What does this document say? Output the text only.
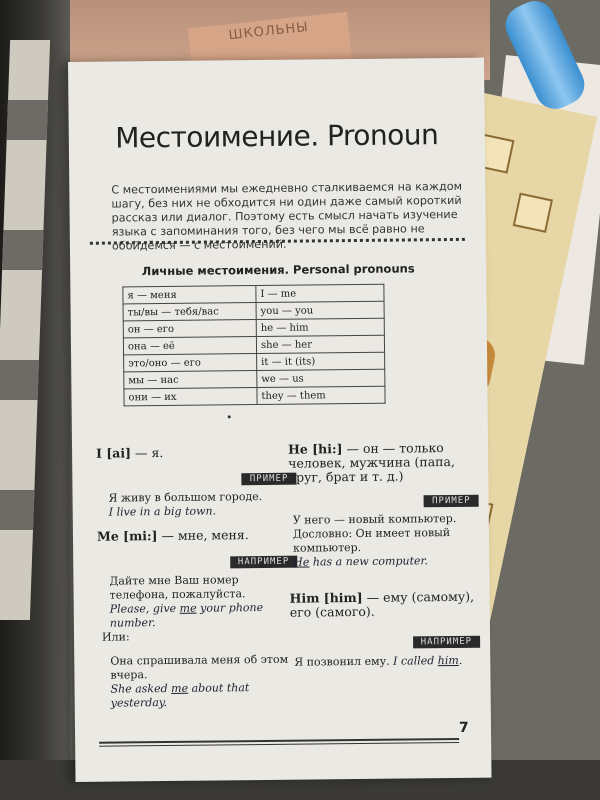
ШКОЛЬНЫ
Местоимение. Pronoun
С местоимениями мы ежедневно сталкиваемся на каждом шагу, без них не обходится ни один даже самый короткий рассказ или диалог. Поэтому есть смысл начать изучение языка с запоминания того, без чего мы всё равно не обойдёмся — с местоимений.
Личные местоимения. Personal pronouns
я — меня	I — me
ты/вы — тебя/вас	you — you
он — его	he — him
она — её	she — her
это/оно — его	it — it (its)
мы — нас	we — us
они — их	they — them
I [ai] — я.
ПРИМЕР
Я живу в большом городе.
I live in a big town.
Me [mi:] — мне, меня.
НАПРИМЕР
Дайте мне Ваш номер телефона, пожалуйста.
Please, give me your phone number.
Или:
Она спрашивала меня об этом вчера.
She asked me about that yesterday.
He [hi:] — он — только человек, мужчина (папа, друг, брат и т. д.)
ПРИМЕР
У него — новый компьютер. Дословно: Он имеет новый компьютер.
He has a new computer.
Him [him] — ему (самому), его (самого).
НАПРИМЕР
Я позвонил ему. I called him.
7
